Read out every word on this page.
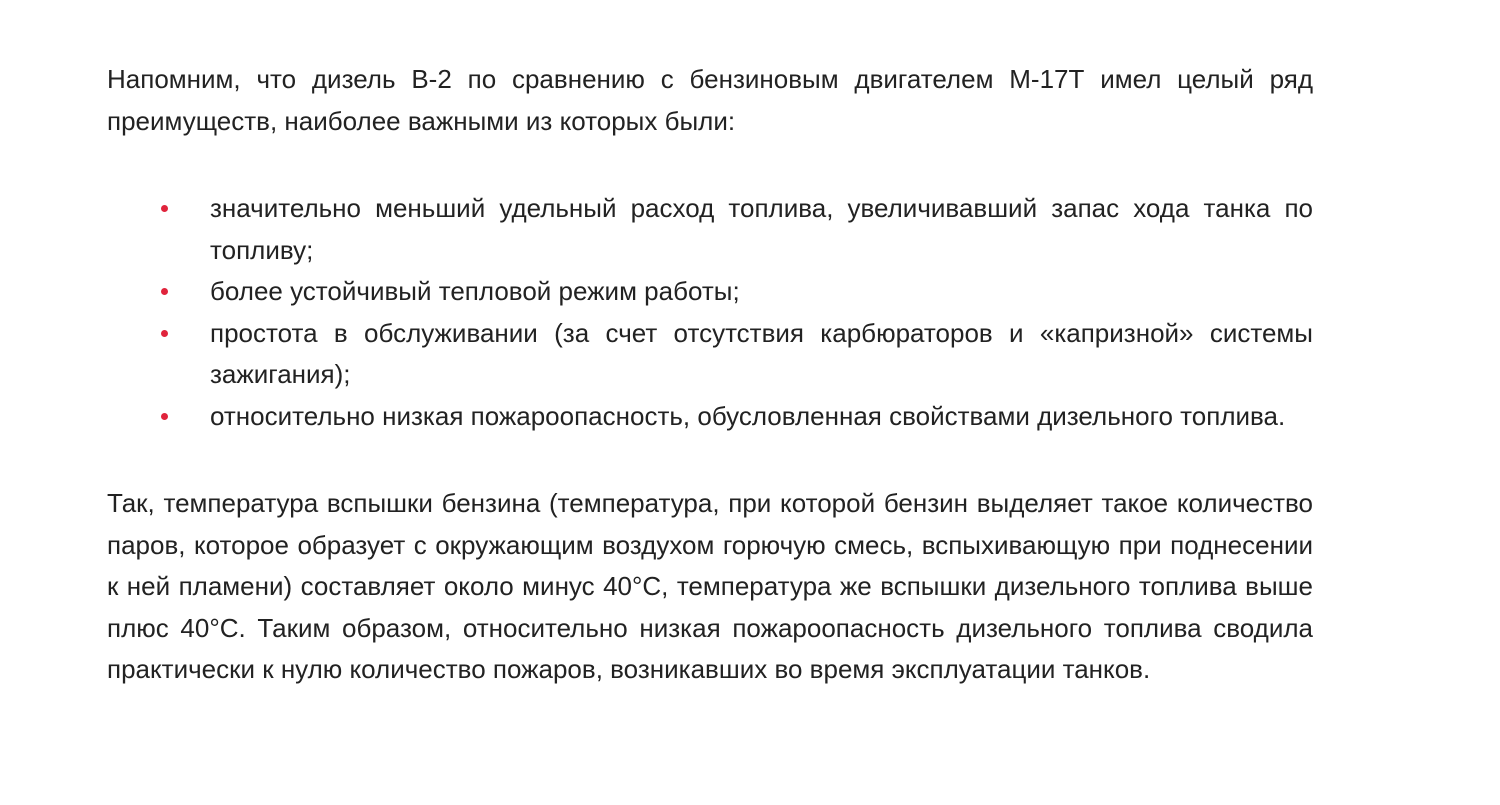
Напомним, что дизель В-2 по сравнению с бензиновым двигателем М-17Т имел целый ряд преимуществ, наиболее важными из которых были:

значительно меньший удельный расход топлива, увеличивавший запас хода танка по топливу;
более устойчивый тепловой режим работы;
простота в обслуживании (за счет отсутствия карбюраторов и «капризной» системы зажигания);
относительно низкая пожароопасность, обусловленная свойствами дизельного топлива.

Так, температура вспышки бензина (температура, при которой бензин выделяет такое количество паров, которое образует с окружающим воздухом горючую смесь, вспыхивающую при поднесении к ней пламени) составляет около минус 40°С, температура же вспышки дизельного топлива выше плюс 40°С. Таким образом, относительно низкая пожароопасность дизельного топлива сводила практически к нулю количество пожаров, возникавших во время эксплуатации танков.
